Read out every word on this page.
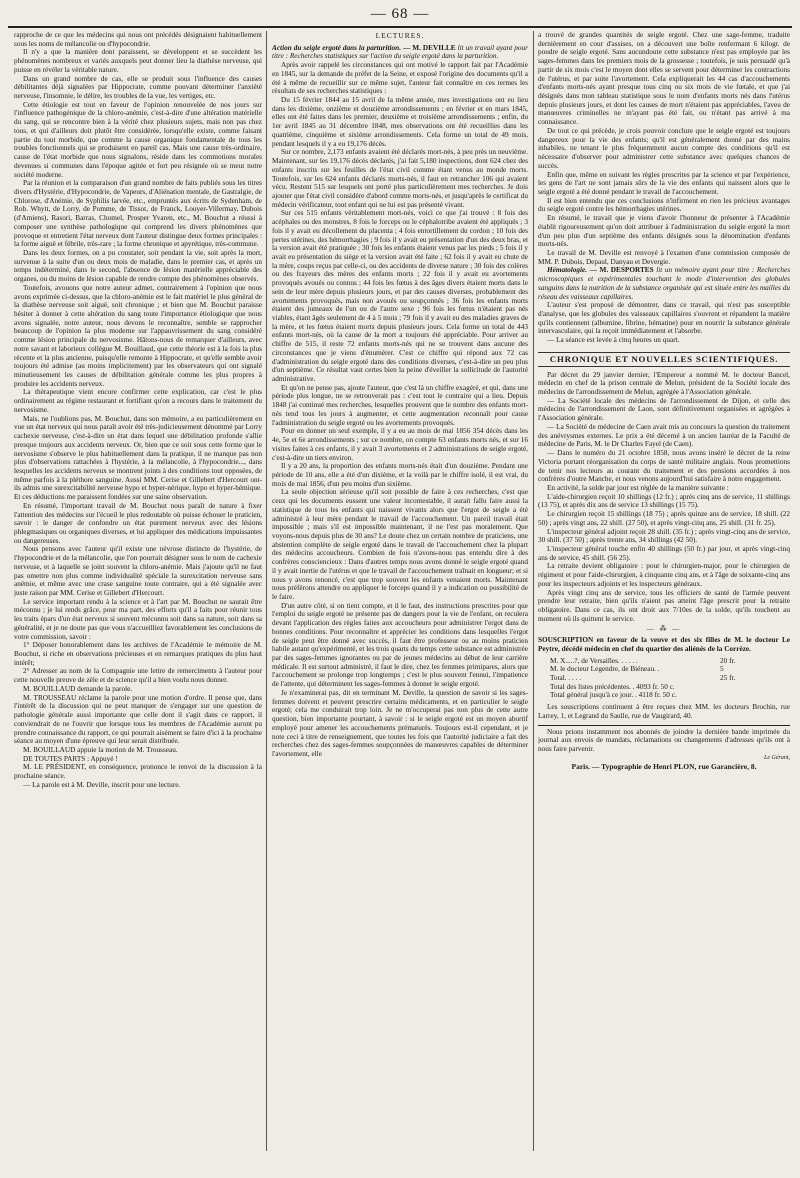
— 68 —

rapproche de ce que les médecins qui nous ont précédés désignaient habituellement sous les noms de mélancolie ou d'hypocondrie.

Il n'y a que la manière dont paraissent, se développent et se succèdent les phénomènes nombreux et variés auxquels peut donner lieu la diathèse nerveuse, qui puisse en révéler la véritable nature.

Dans un grand nombre de cas, elle se produit sous l'influence des causes débilitantes déjà signalées par Hippocrate, comme pouvant déterminer l'anxiété nerveuse, l'insomnie, le délire, les troubles de la vue, les vertiges, etc.

Cette étiologie est tout en faveur de l'opinion renouvelée de nos jours sur l'influence pathogénique de la chloro-anémie, c'est-à-dire d'une altération matérielle du sang, qui se rencontre bien à la vérité chez plusieurs sujets, mais non pas chez tous, et qui d'ailleurs doit plutôt être considérée, lorsqu'elle existe, comme faisant partie du tout morbide, que comme la cause organique fondamentale de tous les troubles fonctionnels qui se produisent en pareil cas. Mais une cause très-ordinaire, cause de l'état morbide que nous signalons, réside dans les commotions morales devenues si communes dans l'époque agitée et fort peu résignée où se meut notre société moderne.

Par la réunion et la comparaison d'un grand nombre de faits publiés sous les titres divers d'Hystérie, d'Hypocondrie, de Vapeurs, d'Aliénation mentale, de Gastralgie, de Chlorose, d'Anémie, de Syphilis larvée, etc., empruntés aux écrits de Sydenham, de Rob. Whytt, de Lorry, de Pomme, de Tissot, de Franck, Louyer-Villermay, Dubois (d'Amiens), Rasori, Barras, Chomel, Prosper Yvaren, etc., M. Bouchut a réussi à composer une synthèse pathologique qui comprend les divers phénomènes que provoque et entretient l'état nerveux dont l'auteur distingue deux formes principales : la forme aiguë et fébrile, très-rare ; la forme chronique et apyrétique, très-commune.

Dans les deux formes, on a pu constater, soit pendant la vie, soit après la mort, survenue à la suite d'un ou deux mois de maladie, dans le premier cas, et après un temps indéterminé, dans le second, l'absence de lésion matérielle appréciable des organes, ou du moins de lésion capable de rendre compte des phénomènes observés.

Toutefois, avouons que notre auteur admet, contrairement à l'opinion que nous avons exprimée ci-dessus, que la chloro-anémie est le fait matériel le plus général de la diathèse nerveuse soit aiguë, soit chronique ; et bien que M. Bouchut paraisse hésiter à donner à cette altération du sang toute l'importance étiologique que nous avons signalée, notre auteur, nous devons le reconnaître, semble se rapprocher beaucoup de l'opinion la plus moderne sur l'appauvrissement du sang considéré comme lésion principale du nervosisme. Hâtons-nous de remarquer d'ailleurs, avec notre savant et laborieux collègue M. Bouillaud, que cette théorie est à la fois la plus récente et la plus ancienne, puisqu'elle remonte à Hippocrate, et qu'elle semble avoir toujours été admise (au moins implicitement) par les observateurs qui ont signalé minutieusement les causes de débilitation générale comme les plus propres à produire les accidents nerveux.

La thérapeutique vient encore confirmer cette explication, car c'est le plus ordinairement au régime restaurant et fortifiant qu'on a recours dans le traitement du nervosisme.

Mais, ne l'oublions pas, M. Bouchut, dans son mémoire, a eu particulièrement en vue un état nerveux qui nous paraît avoir été très-judicieusement dénommé par Lorry cachexie nerveuse, c'est-à-dire un état dans lequel une débilitation profonde s'allie presque toujours aux accidents nerveux. Or, bien que ce soit sous cette forme que le nervosisme s'observe le plus habituellement dans la pratique, il ne manque pas non plus d'observations rattachées à l'hystérie, à la mélancolie, à l'hypocondrie..., dans lesquelles les accidents nerveux se montrent joints à des conditions tout opposées, de même parfois à la pléthore sanguine. Aussi MM. Cerise et Gillebert d'Hercourt ont-ils admis une surexcitabilité nerveuse hypo et hyper-nérique, hypo et hyper-hémique. Et ces déductions me paraissent fondées sur une saine observation.

En résumé, l'important travail de M. Bouchut nous paraît de nature à fixer l'attention des médecins sur l'écueil le plus redoutable où puisse échouer le praticien, savoir : le danger de confondre un état purement nerveux avec des lésions phlegmasiques ou organiques diverses, et lui appliquer des médications impuissantes ou dangereuses.

Nous pensons avec l'auteur qu'il existe une névrose distincte de l'hystérie, de l'hypocondrie et de la mélancolie, que l'on pourrait désigner sous le nom de cachexie nerveuse, et à laquelle se joint souvent la chloro-anémie. Mais j'ajoute qu'il ne faut pas omettre non plus comme individualité spéciale la surexcitation nerveuse sans anémie, et même avec une crase sanguine toute contraire, qui a été signalée avec juste raison par MM. Cerise et Gillebert d'Hercourt.

Le service important rendu à la science et à l'art par M. Bouchut ne saurait être méconnu ; je lui rends grâce, pour ma part, des efforts qu'il a faits pour réunir tous les traits épars d'un état nerveux si souvent méconnu soit dans sa nature, soit dans sa généralité, et je ne doute pas que vous n'accueilliez favorablement les conclusions de votre commission, savoir :

1° Déposer honorablement dans les archives de l'Académie le mémoire de M. Bouchut, si riche en observations précieuses et en remarques pratiques du plus haut intérêt;

2° Adresser au nom de la Compagnie une lettre de remerciments à l'auteur pour cette nouvelle preuve de zèle et de science qu'il a bien voulu nous donner.

M. BOUILLAUD demande la parole.

M. TROUSSEAU réclame la parole pour une motion d'ordre. Il pense que, dans l'intérêt de la discussion qui ne peut manquer de s'engager sur une question de pathologie générale aussi importante que celle dont il s'agit dans ce rapport, il conviendrait de ne l'ouvrir que lorsque tous les membres de l'Académie auront pu prendre connaissance du rapport, ce qui pourrait aisément se faire d'ici à la prochaine séance au moyen d'une épreuve qui leur serait distribuée.

M. BOUILLAUD appuie la motion de M. Trousseau.

DE TOUTES PARTS : Appuyé !

M. LE PRÉSIDENT, en conséquence, prononce le renvoi de la discussion à la prochaine séance.

— La parole est à M. Deville, inscrit pour une lecture.

LECTURES.

Action du seigle ergoté dans la parturition. — M. DEVILLE lit un travail ayant pour titre : Recherches statistiques sur l'action du seigle ergoté dans la parturition.

Après avoir rappelé les circonstances qui ont motivé le rapport fait par l'Académie en 1845, sur la demande du préfet de la Seine, et exposé l'origine des documents qu'il a été à même de recueillir sur ce même sujet, l'auteur fait connaître en ces termes les résultats de ses recherches statistiques :

Du 15 février 1844 au 15 avril de la même année, mes investigations ont eu lieu dans les dixième, onzième et douzième arrondissements ; en février et en mars 1845, elles ont été faites dans les premier, deuxième et troisième arrondissements ; enfin, du 1er avril 1845 au 31 décembre 1848, mes observations ont été recueillies dans les quatrième, cinquième et sixième arrondissements. Cela forme un total de 49 mois, pendant lesquels il y a eu 19,176 décès.

Sur ce nombre, 2,173 enfants avaient été déclarés mort-nés, à peu près un neuvième. Maintenant, sur les 19,176 décès déclarés, j'ai fait 5,180 inspections, dont 624 chez des enfants inscrits sur les feuilles de l'état civil comme étant venus au monde morts. Toutefois, sur les 624 enfants déclarés morts-nés, il faut en retrancher 106 qui avaient vécu. Restent 515 sur lesquels ont porté plus particulièrement mes recherches. Je dois ajouter que l'état civil considère d'abord comme morts-nés, et jusqu'après le certificat du médecin vérificateur, tout enfant qui ne lui est pas présenté vivant.

Sur ces 515 enfants véritablement mort-nés, voici ce que j'ai trouvé : 8 fois des acéphales ou des monstres, 8 fois le forceps ou le céphalotribe avaient été appliqués ; 3 fois il y avait eu décollement du placenta ; 4 fois entortillement du cordon ; 10 fois des pertes utérines, des hémorrhagies ; 9 fois il y avait eu présentation d'un des deux bras, et la version avait été pratiquée ; 30 fois les enfants étaient venus par les pieds ; 5 fois il y avait eu présentation du siège et la version avait été faite ; 62 fois il y avait eu chute de la mère, coups reçus par celle-ci, ou des accidents de diverse nature ; 30 fois des colères ou des frayeurs des mères des enfants morts ; 22 fois il y avait eu avortements provoqués avoués ou connus ; 44 fois les fœtus à des âges divers étaient morts dans le sein de leur mère depuis plusieurs jours, et par des causes diverses, probablement des avortements provoqués, mais non avoués ou soupçonnés ; 36 fois les enfants morts étaient des jumeaux de l'un ou de l'autre sexe ; 96 fois les fœtus n'étaient pas nés viables, étant âgés seulement de 4 à 5 mois ; 79 fois il y avait eu des maladies graves de la mère, et les fœtus étaient morts depuis plusieurs jours. Cela forme un total de 443 enfants mort-nés, où la cause de la mort a toujours été appréciable. Pour arriver au chiffre de 515, il reste 72 enfants morts-nés qui ne se trouvent dans aucune des circonstances que je viens d'énumérer. C'est ce chiffre qui répond aux 72 cas d'administration du seigle ergoté dans des conditions diverses, c'est-à-dire un peu plus d'un septième. Ce résultat vaut certes bien la peine d'éveiller la sollicitude de l'autorité administrative.

Et qu'on ne pense pas, ajoute l'auteur, que c'est là un chiffre exagéré, et qui, dans une période plus longue, ne se retrouverait pas : c'est tout le contraire qui a lieu. Depuis 1848 j'ai continué mes recherches, lesquelles prouvent que le nombre des enfants mort-nés tend tous les jours à augmenter, et cette augmentation reconnaît pour cause l'administration du seigle ergoté ou les avortements provoqués.

Pour en donner un seul exemple, il y a eu au mois de mai 1856 354 décès dans les 4e, 5e et 6e arrondissements ; sur ce nombre, on compte 63 enfants morts nés, et sur 16 visites faites à ces enfants, il y avait 3 avortements et 2 administrations de seigle ergoté, c'est-à-dire un tiers environ.

Il y a 20 ans, la proportion des enfants morts-nés était d'un douzième. Pendant une période de 10 ans, elle a été d'un dixième, et la voilà par le chiffre isolé, il est vrai, du mois de mai 1856, d'un peu moins d'un sixième.

La seule objection sérieuse qu'il soit possible de faire à ces recherches, c'est que ceux qui les documents eussent une valeur incontestable, il aurait fallu faire aussi la statistique de tous les enfants qui naissent vivants alors que l'ergot de seigle a été administré à leur mère pendant le travail de l'accouchement. Un pareil travail était impossible ; mais s'il est impossible maintenant, il ne l'est pas moralement. Que voyons-nous depuis plus de 30 ans? Le doute chez un certain nombre de praticiens, une abstention complète de seigle ergoté dans le travail de l'accouchement chez la plupart des médecins accoucheurs. Combien de fois n'avons-nous pas entendu dire à des confrères consciencieux : Dans d'autres temps nous avons donné le seigle ergoté quand il y avait inertie de l'utérus et que le travail de l'accouchement traînait en longueur; et si nous y avons renoncé, c'est que trop souvent les enfants venaient morts. Maintenant nous préférons attendre ou appliquer le forceps quand il y a indication ou possibilité de le faire.

D'un autre côté, si on tient compte, et il le faut, des instructions prescrites pour que l'emploi du seigle ergoté ne présente pas de dangers pour la vie de l'enfant, on reculera devant l'application des règles faites aux accoucheurs pour administrer l'ergot dans de bonnes conditions. Pour reconnaître et apprécier les conditions dans lesquelles l'ergot de seigle peut être donné avec succès, il faut être professeur ou au moins praticien habile autant qu'expérimenté, et les trois quarts du temps cette substance est administrée par des sages-femmes ignorantes ou par de jeunes médecins au début de leur carrière médicale. Il est surtout administré, il faut le dire, chez les femmes primipares, alors que l'accouchement se prolonge trop longtemps ; c'est le plus souvent l'ennui, l'impatience de l'attente, qui déterminent les sages-femmes à donner le seigle ergoté.

Je n'examinerai pas, dit en terminant M. Deville, la question de savoir si les sages-femmes doivent et peuvent prescrire certains médicaments, et en particulier le seigle ergoté; cela me conduirait trop loin. Je ne m'occuperai pas non plus de cette autre question, bien importante pourtant, à savoir : si le seigle ergoté est un moyen abortif employé pour amener les accouchements prématurés. Toujours est-il cependant, et je note ceci à titre de renseignement, que toutes les fois que l'autorité judiciaire a fait des recherches chez des sages-femmes soupçonnées de manœuvres capables de déterminer l'avortement, elle

a trouvé de grandes quantités de seigle ergoté. Chez une sage-femme, traduite dernièrement en cour d'assises, on a découvert une boîte renfermant 6 kilogr. de poudre de seigle ergoté. Sans aucundoute cette substance n'est pas employée par les sages-femmes dans les premiers mois de la grossesse ; toutefois, je suis persuadé qu'à partir de six mois c'est le moyen dont elles se servent pour déterminer les contractions de l'utérus, et par suite l'avortement. Cela expliquerait les 44 cas d'accouchements d'enfants morts-nés ayant presque tous cinq ou six mois de vie fœtale, et que j'ai désignés dans mon tableau statistique sous le nom d'enfants morts nés dans l'utérus depuis plusieurs jours, et dont les causes de mort n'étaient pas appréciables, l'aveu de manœuvres criminelles ne m'ayant pas été fait, ou n'étant pas arrivé à ma connaissance.

De tout ce qui précède, je crois pouvoir conclure que le seigle ergoté est toujours dangereux pour la vie des enfants; qu'il est généralement donné par des mains inhabiles, ne tenant le plus fréquemment aucun compte des conditions qu'il est nécessaire d'observer pour administrer cette substance avec quelques chances de succès.

Enfin que, même en suivant les règles prescrites par la science et par l'expérience, les gens de l'art ne sont jamais sûrs de la vie des enfants qui naissent alors que le seigle ergoté a été donné pendant le travail de l'accouchement.

Il est bien entendu que ces conclusions n'infirment en rien les précieux avantages du seigle ergoté contre les hémorrhagies utérines.

En résumé, le travail que je viens d'avoir l'honneur de présenter à l'Académie établit rigoureusement qu'on doit attribuer à l'administration du seigle ergoté la mort d'un peu plus d'un septième des enfants désignés sous la dénomination d'enfants morts-nés.

Le travail de M. Deville est renvoyé à l'examen d'une commission composée de MM. P. Dubois, Depaul, Danyau et Devergie.

Hématologie. — M. DESPORTES lit un mémoire ayant pour titre : Recherches microscopiques et expérimentales touchant le mode d'intervention des globules sanguins dans la nutrition de la substance organisée qui est située entre les mailles du réseau des vaisseaux capillaires.

L'auteur s'est proposé de démontrer, dans ce travail, qui n'est pas susceptible d'analyse, que les globules des vaisseaux capillaires s'ouvrent et répandent la matière qu'ils contiennent (albumine, fibrine, hématine) pour en nourrir la substance générale intervasculaire, qui la reçoit immédiatement et l'absorbe.

— La séance est levée à cinq heures un quart.

CHRONIQUE ET NOUVELLES SCIENTIFIQUES.

Par décret du 29 janvier dernier, l'Empereur a nommé M. le docteur Bancel, médecin en chef de la prison centrale de Melun, président de la Société locale des médecins de l'arrondissement de Melun, agrégée à l'Association générale.

— La Société locale des médecins de l'arrondissement de Dijon, et celle des médecins de l'arrondissement de Laon, sont définitivement organisées et agrégées à l'Association générale.

— La Société de médecine de Caen avait mis au concours la question du traitement des anévrysmes externes. Le prix a été décerné à un ancien lauréat de la Faculté de médecine de Paris, M. le Dr Charles Fayel (de Caen).

— Dans le numéro du 21 octobre 1858, nous avons inséré le décret de la reine Victoria portant réorganisation du corps de santé militaire anglais. Nous promettions de tenir nos lecteurs au courant du traitement et des pensions accordées à nos confrères d'outre Manche, et nous venons aujourd'hui satisfaire à notre engagement.

En activité, la solde par jour est réglée de la manière suivante :

L'aide-chirurgien reçoit 10 shillings (12 fr.) ; après cinq ans de service, 11 shillings (13 75), et après dix ans de service 13 shillings (15 75).

Le chirurgien reçoit 15 shillings (18 75) ; après quinze ans de service, 18 shill. (22 50) ; après vingt ans, 22 shill. (27 50), et après vingt-cinq ans, 25 shill. (31 fr. 25).

L'inspecteur général adjoint reçoit 28 shill. (35 fr.) ; après vingt-cinq ans de service, 30 shill. (37 50) ; après trente ans, 34 shillings (42 50).

L'inspecteur général touche enfin 40 shillings (50 fr.) par jour, et après vingt-cinq ans de service, 45 shill. (56 25).

La retraite devient obligatoire : pour le chirurgien-major, pour le chirurgien de régiment et pour l'aide-chirurgien, à cinquante cinq ans, et à l'âge de soixante-cinq ans pour les inspecteurs adjoints et les inspecteurs généraux.

Après vingt cinq ans de service, tous les officiers de santé de l'armée peuvent prendre leur retraite, bien qu'ils n'aient pas atteint l'âge prescrit pour la retraite obligatoire. Dans ce cas, ils ont droit aux 7/10es de la solde, qu'ils touchent au moment où ils quittent le service.

— ⁂ —

SOUSCRIPTION en faveur de la veuve et des six filles de M. le docteur Le Peytre, décédé médecin en chef du quartier des aliénés de la Corrèze.

M. X.....?, de Versailles. . . . . .	20 fr.
M. le docteur Legendre, de Biéneau. .	5
Total. . . . .	25 fr.
Total des listes précédentes. . 4093 fr. 50 c.
Total général jusqu'à ce jour. . 4118 fr. 50 c.

Les souscriptions continuent à être reçues chez MM. les docteurs Brochin, rue Larrey, 1, et Legrand du Saulle, rue de Vaugirard, 40.

Nous prions instamment nos abonnés de joindre la dernière bande imprimée du journal aux envois de mandats, réclamations ou changements d'adresses qu'ils ont à nous faire parvenir.

Le Gérant,
Paris. — Typographie de Henri PLON, rue Garancière, 8.
